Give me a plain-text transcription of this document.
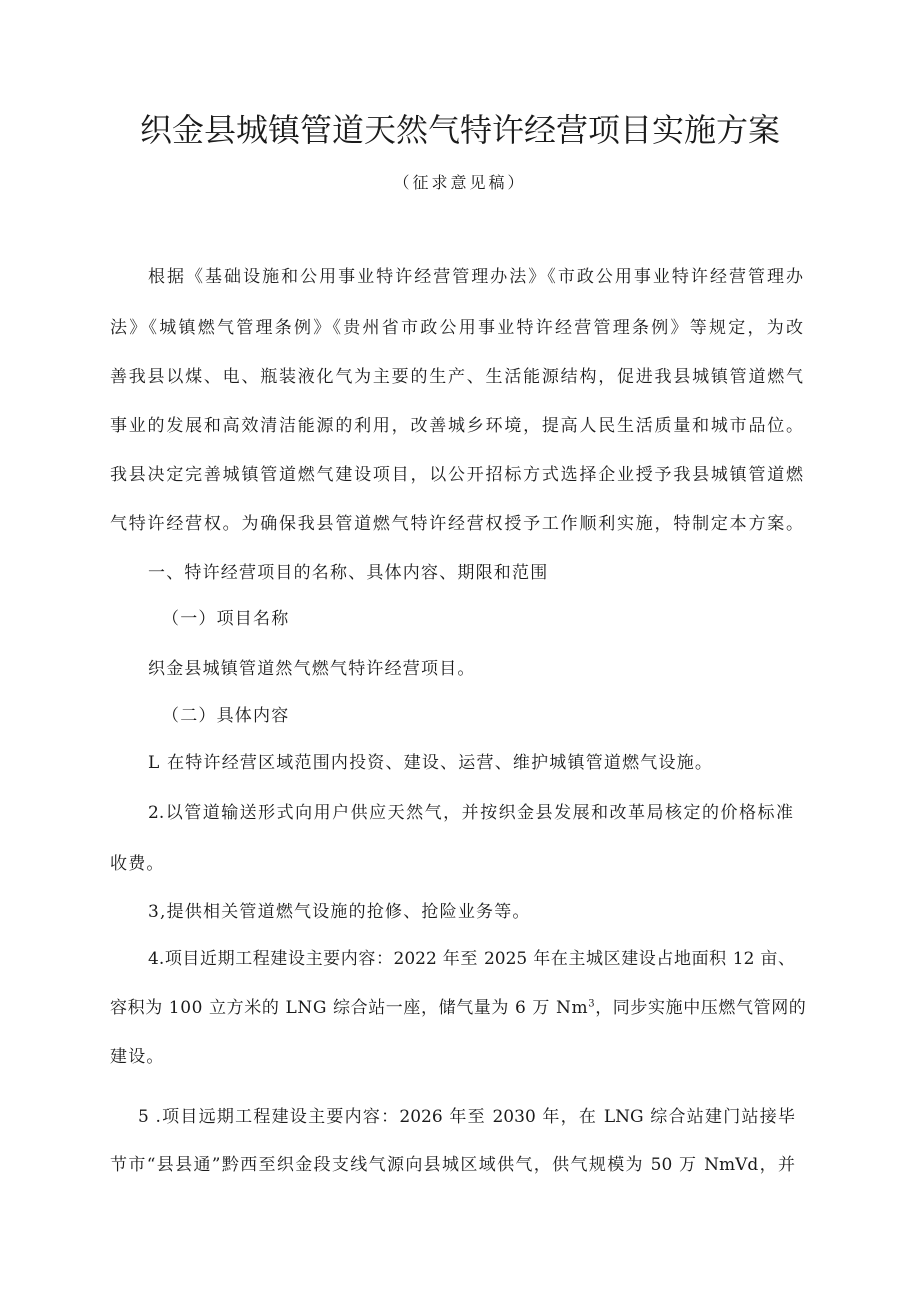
织金县城镇管道天然气特许经营项目实施方案
（征求意见稿）
根据《基础设施和公用事业特许经营管理办法》《市政公用事业特许经营管理办
法》《城镇燃气管理条例》《贵州省市政公用事业特许经营管理条例》等规定，为改
善我县以煤、电、瓶装液化气为主要的生产、生活能源结构，促进我县城镇管道燃气
事业的发展和高效清洁能源的利用，改善城乡环境，提高人民生活质量和城市品位。
我县决定完善城镇管道燃气建设项目，以公开招标方式选择企业授予我县城镇管道燃
气特许经营权。为确保我县管道燃气特许经营权授予工作顺利实施，特制定本方案。
一、特许经营项目的名称、具体内容、期限和范围
（一）项目名称
织金县城镇管道然气燃气特许经营项目。
（二）具体内容
L 在特许经营区域范围内投资、建设、运营、维护城镇管道燃气设施。
2.以管道输送形式向用户供应天然气，并按织金县发展和改革局核定的价格标准
收费。
3,提供相关管道燃气设施的抢修、抢险业务等。
4.项目近期工程建设主要内容：2022 年至 2025 年在主城区建设占地面积 12 亩、
容积为 100 立方米的 LNG 综合站一座，储气量为 6 万 Nm$^3$，同步实施中压燃气管网的
建设。
5 .项目远期工程建设主要内容：2026 年至 2030 年，在 LNG 综合站建门站接毕
节市“县县通”黔西至织金段支线气源向县城区域供气，供气规模为 50 万 NmVd，并
